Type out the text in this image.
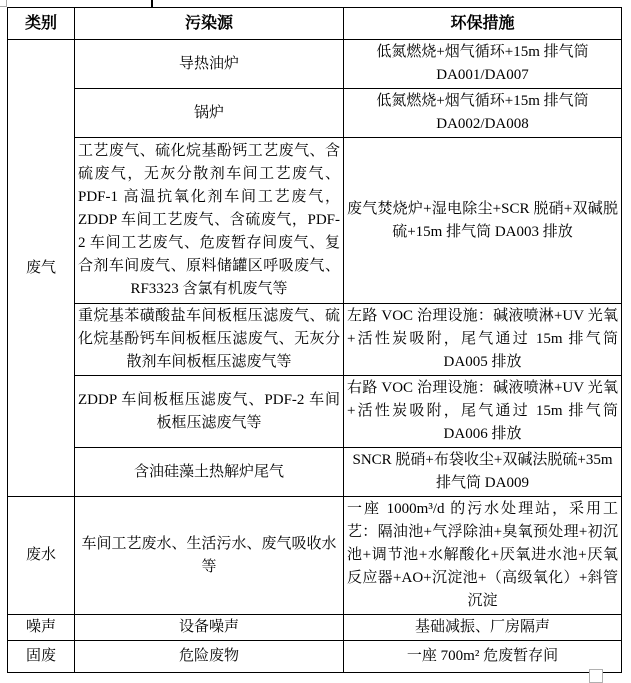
类别	污染源	环保措施
废气	导热油炉	低氮燃烧+烟气循环+15m 排气筒 DA001/DA007
	锅炉	低氮燃烧+烟气循环+15m 排气筒 DA002/DA008
	工艺废气、硫化烷基酚钙工艺废气、含硫废气，无灰分散剂车间工艺废气、PDF-1 高温抗氧化剂车间工艺废气，ZDDP 车间工艺废气、含硫废气，PDF-2 车间工艺废气、危废暂存间废气、复合剂车间废气、原料储罐区呼吸废气、RF3323 含氯有机废气等	废气焚烧炉+湿电除尘+SCR 脱硝+双碱脱硫+15m 排气筒 DA003 排放
	重烷基苯磺酸盐车间板框压滤废气、硫化烷基酚钙车间板框压滤废气、无灰分散剂车间板框压滤废气等	左路 VOC 治理设施：碱液喷淋+UV 光氧+活性炭吸附，尾气通过 15m 排气筒 DA005 排放
	ZDDP 车间板框压滤废气、PDF-2 车间板框压滤废气等	右路 VOC 治理设施：碱液喷淋+UV 光氧+活性炭吸附，尾气通过 15m 排气筒 DA006 排放
	含油硅藻土热解炉尾气	SNCR 脱硝+布袋收尘+双碱法脱硫+35m 排气筒 DA009
废水	车间工艺废水、生活污水、废气吸收水等	一座 1000m³/d 的污水处理站，采用工艺：隔油池+气浮除油+臭氧预处理+初沉池+调节池+水解酸化+厌氧进水池+厌氧反应器+AO+沉淀池+（高级氧化）+斜管沉淀
噪声	设备噪声	基础减振、厂房隔声
固废	危险废物	一座 700m² 危废暂存间
